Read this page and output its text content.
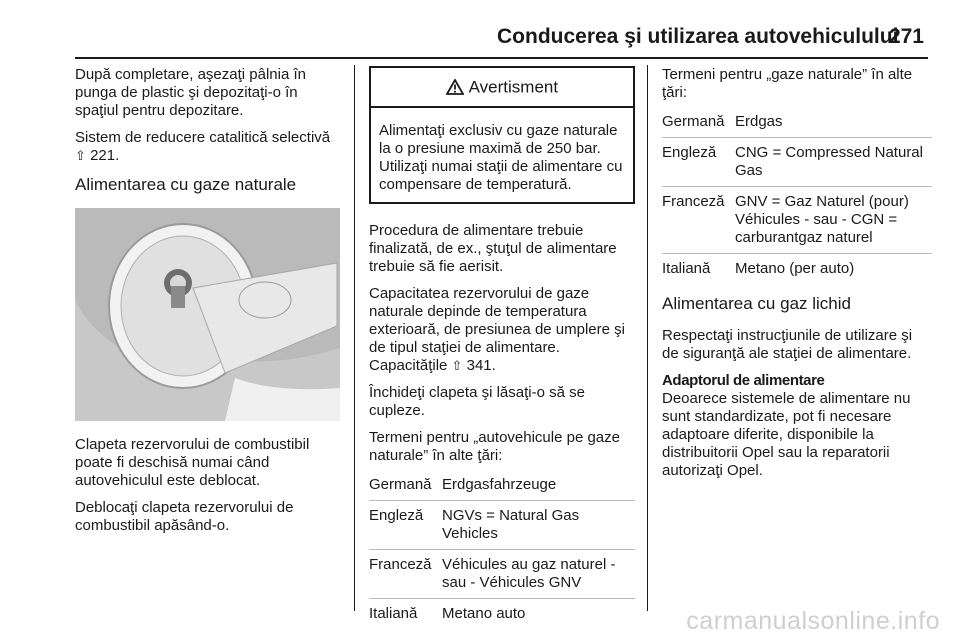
Conducerea şi utilizarea autovehiculului
271

După completare, aşezaţi pâlnia în punga de plastic şi depozitaţi-o în spaţiul pentru depozitare.

Sistem de reducere catalitică selectivă ⇧ 221.

Alimentarea cu gaze naturale

Clapeta rezervorului de combustibil poate fi deschisă numai când autovehiculul este deblocat.

Deblocaţi clapeta rezervorului de combustibil apăsând-o.

Avertisment
Alimentaţi exclusiv cu gaze naturale la o presiune maximă de 250 bar. Utilizaţi numai staţii de alimentare cu compensare de temperatură.

Procedura de alimentare trebuie finalizată, de ex., ştuţul de alimentare trebuie să fie aerisit.

Capacitatea rezervorului de gaze naturale depinde de temperatura exterioară, de presiunea de umplere şi de tipul staţiei de alimentare.

Capacităţile ⇧ 341.

Închideţi clapeta şi lăsaţi-o să se cupleze.

Termeni pentru „autovehicule pe gaze naturale” în alte ţări:

Germană	Erdgasfahrzeuge
Engleză	NGVs = Natural Gas Vehicles
Franceză	Véhicules au gaz naturel - sau - Véhicules GNV
Italiană	Metano auto

Termeni pentru „gaze naturale” în alte ţări:

Germană	Erdgas
Engleză	CNG = Compressed Natural Gas
Franceză	GNV = Gaz Naturel (pour) Véhicules - sau - CGN = carburantgaz naturel
Italiană	Metano (per auto)
Alimentarea cu gaz lichid

Respectaţi instrucţiunile de utilizare şi de siguranţă ale staţiei de alimentare.

Adaptorul de alimentare

Deoarece sistemele de alimentare nu sunt standardizate, pot fi necesare adaptoare diferite, disponibile la distribuitorii Opel sau la reparatorii autorizaţi Opel.

carmanualsonline.info
